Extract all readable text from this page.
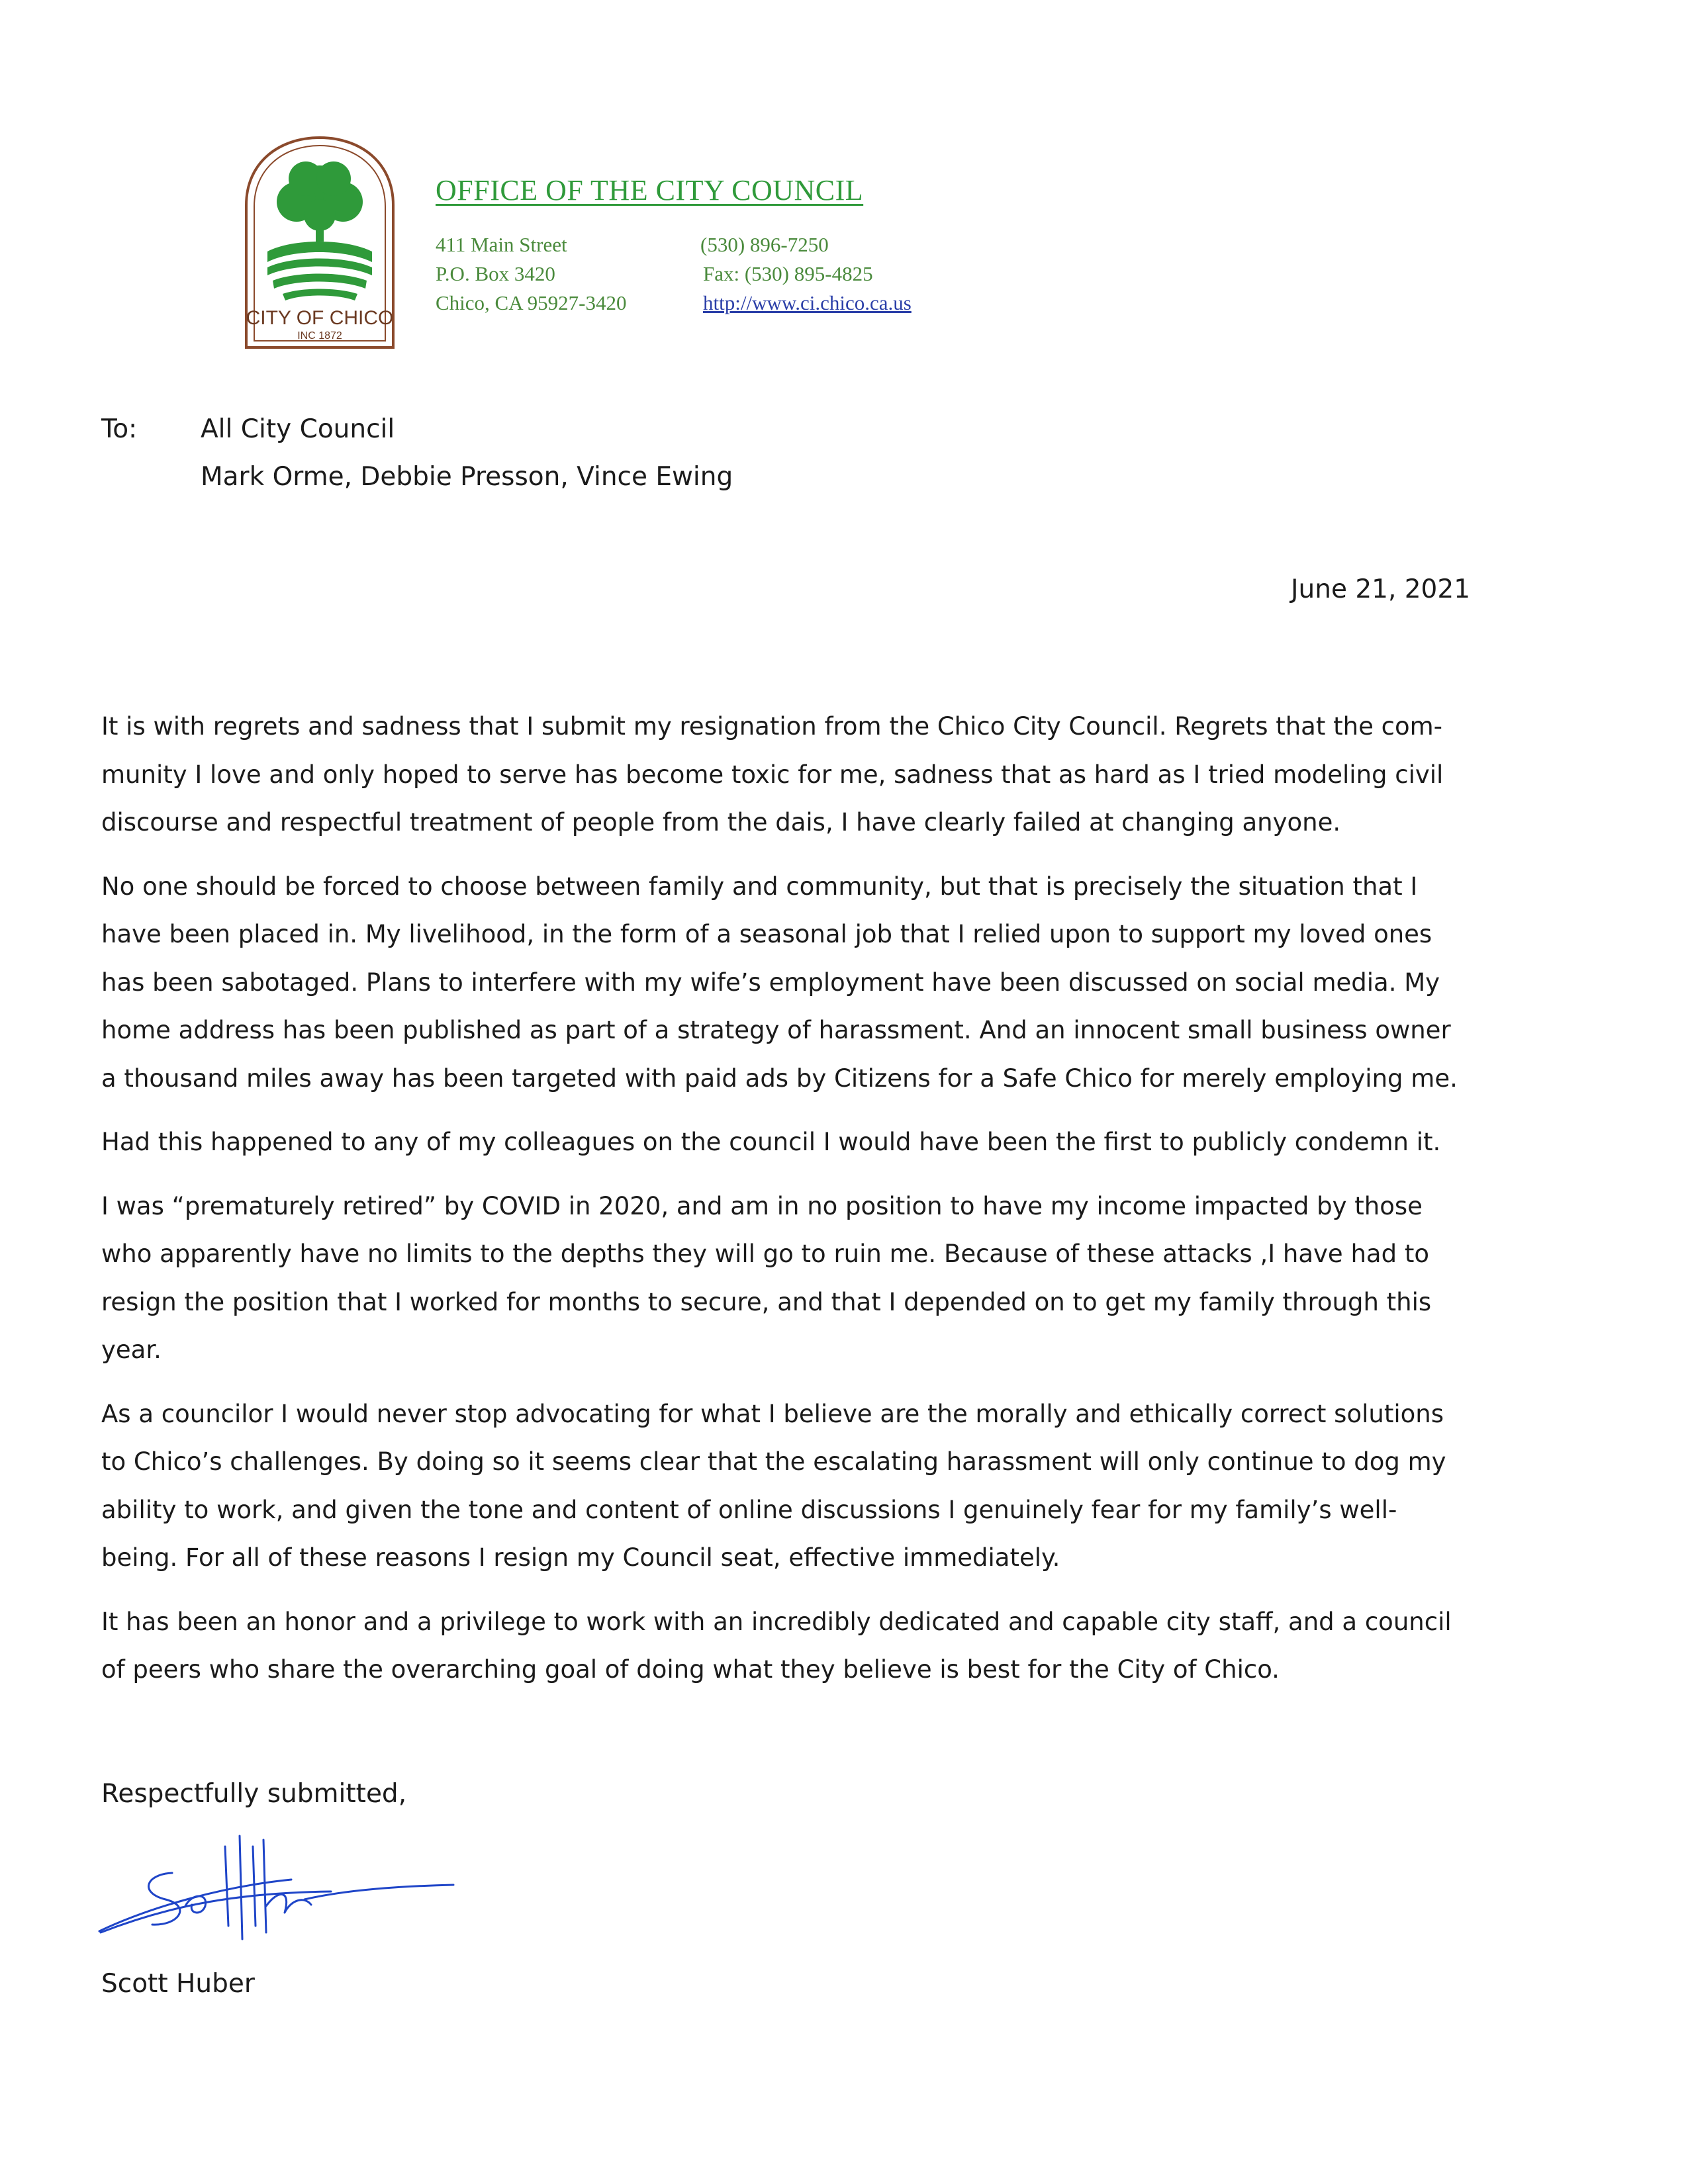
CITY OF CHICO
INC 1872
OFFICE OF THE CITY COUNCIL
411 Main Street
P.O. Box 3420
Chico, CA 95927-3420
(530) 896-7250
Fax: (530) 895-4825
http://www.ci.chico.ca.us
To: All City Council
Mark Orme, Debbie Presson, Vince Ewing
June 21, 2021

It is with regrets and sadness that I submit my resignation from the Chico City Council. Regrets that the com-
munity I love and only hoped to serve has become toxic for me, sadness that as hard as I tried modeling civil
discourse and respectful treatment of people from the dais, I have clearly failed at changing anyone.

No one should be forced to choose between family and community, but that is precisely the situation that I
have been placed in. My livelihood, in the form of a seasonal job that I relied upon to support my loved ones
has been sabotaged. Plans to interfere with my wife’s employment have been discussed on social media. My
home address has been published as part of a strategy of harassment. And an innocent small business owner
a thousand miles away has been targeted with paid ads by Citizens for a Safe Chico for merely employing me.

Had this happened to any of my colleagues on the council I would have been the first to publicly condemn it.

I was “prematurely retired” by COVID in 2020, and am in no position to have my income impacted by those
who apparently have no limits to the depths they will go to ruin me. Because of these attacks ,I have had to
resign the position that I worked for months to secure, and that I depended on to get my family through this
year.

As a councilor I would never stop advocating for what I believe are the morally and ethically correct solutions
to Chico’s challenges. By doing so it seems clear that the escalating harassment will only continue to dog my
ability to work, and given the tone and content of online discussions I genuinely fear for my family’s well-
being. For all of these reasons I resign my Council seat, effective immediately.

It has been an honor and a privilege to work with an incredibly dedicated and capable city staff, and a council
of peers who share the overarching goal of doing what they believe is best for the City of Chico.

Respectfully submitted,
Scott Huber
